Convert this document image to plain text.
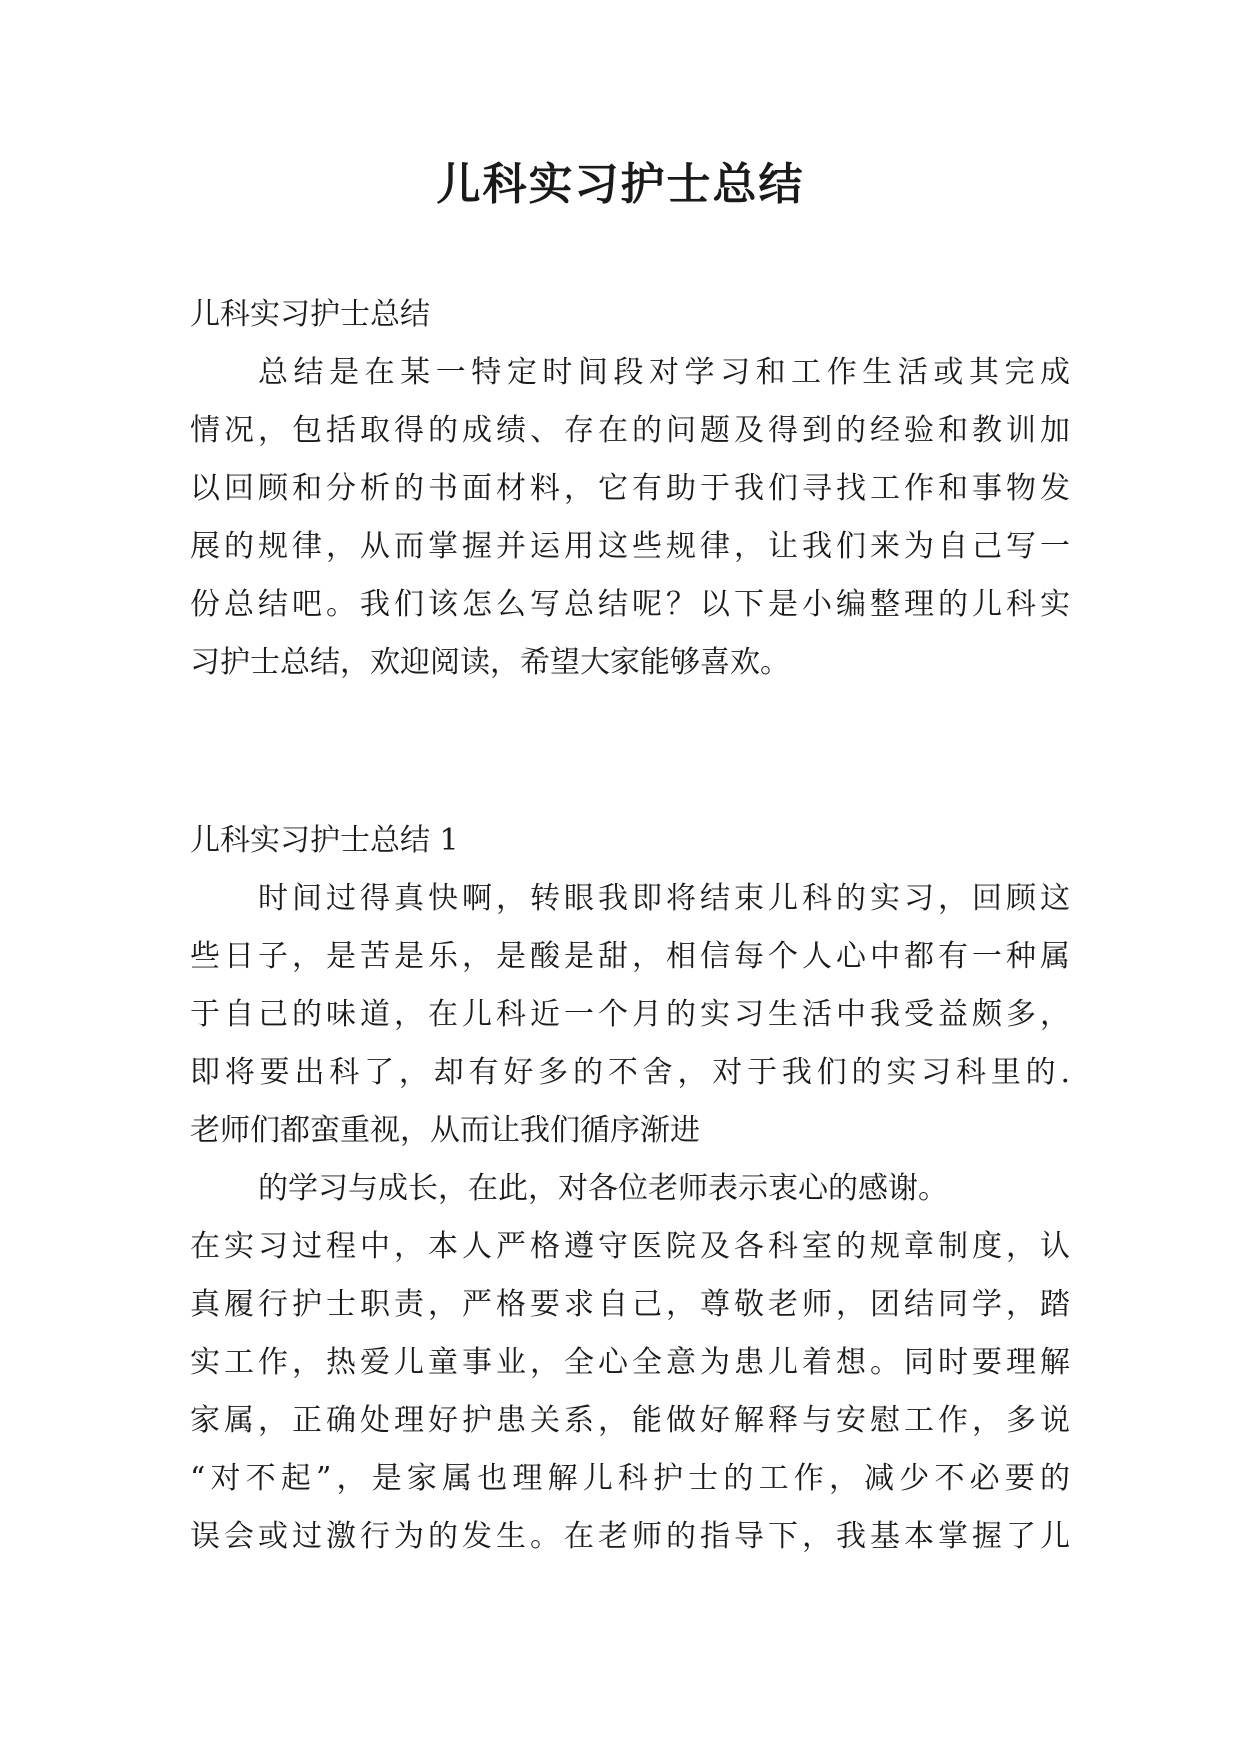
儿科实习护士总结
儿科实习护士总结
总结是在某一特定时间段对学习和工作生活或其完成
情况，包括取得的成绩、存在的问题及得到的经验和教训加
以回顾和分析的书面材料，它有助于我们寻找工作和事物发
展的规律，从而掌握并运用这些规律，让我们来为自己写一
份总结吧。我们该怎么写总结呢？以下是小编整理的儿科实
习护士总结，欢迎阅读，希望大家能够喜欢。
儿科实习护士总结 1
时间过得真快啊，转眼我即将结束儿科的实习，回顾这
些日子，是苦是乐，是酸是甜，相信每个人心中都有一种属
于自己的味道，在儿科近一个月的实习生活中我受益颇多，
即将要出科了，却有好多的不舍，对于我们的实习科里的.
老师们都蛮重视，从而让我们循序渐进
的学习与成长，在此，对各位老师表示衷心的感谢。
在实习过程中，本人严格遵守医院及各科室的规章制度，认
真履行护士职责，严格要求自己，尊敬老师，团结同学，踏
实工作，热爱儿童事业，全心全意为患儿着想。同时要理解
家属，正确处理好护患关系，能做好解释与安慰工作，多说
“对不起”，是家属也理解儿科护士的工作，减少不必要的
误会或过激行为的发生。在老师的指导下，我基本掌握了儿
